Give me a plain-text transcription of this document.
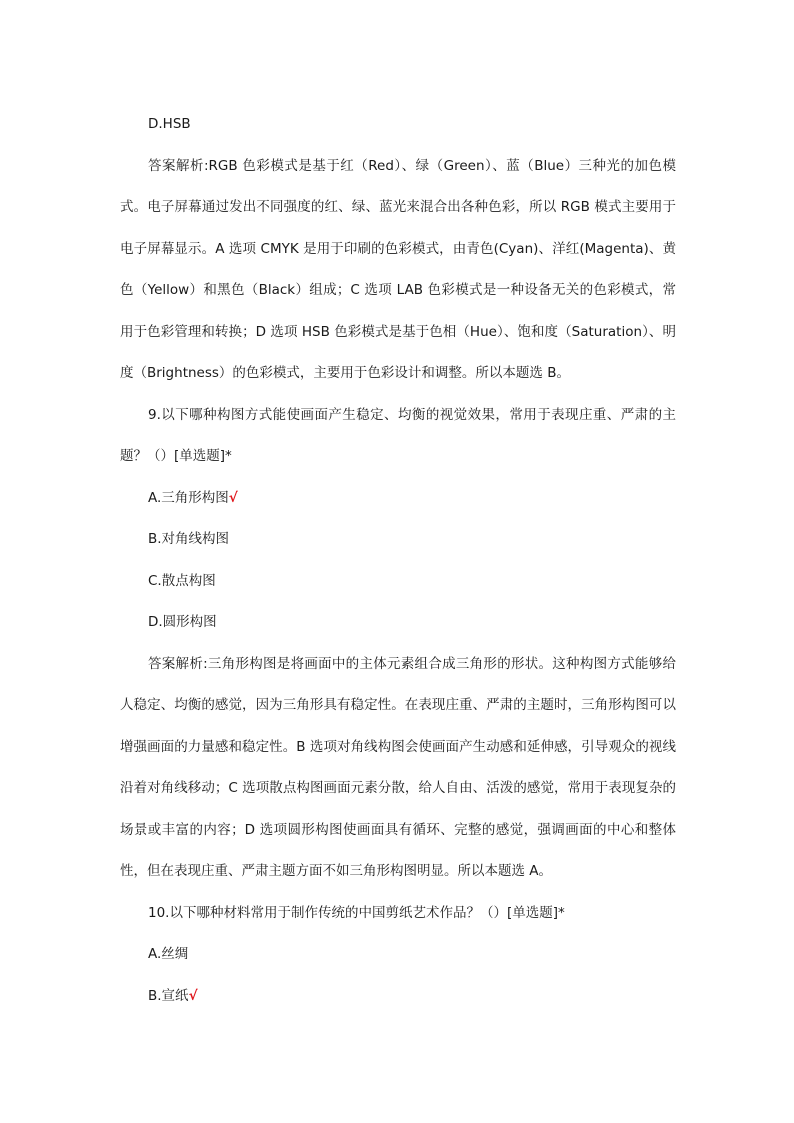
D.HSB

答案解析:RGB 色彩模式是基于红（Red）、绿（Green）、蓝（Blue）三种光的加色模式。电子屏幕通过发出不同强度的红、绿、蓝光来混合出各种色彩，所以 RGB 模式主要用于电子屏幕显示。A 选项 CMYK 是用于印刷的色彩模式，由青色(Cyan)、洋红(Magenta)、黄色（Yellow）和黑色（Black）组成；C 选项 LAB 色彩模式是一种设备无关的色彩模式，常用于色彩管理和转换；D 选项 HSB 色彩模式是基于色相（Hue）、饱和度（Saturation）、明度（Brightness）的色彩模式，主要用于色彩设计和调整。所以本题选 B。

9.以下哪种构图方式能使画面产生稳定、均衡的视觉效果，常用于表现庄重、严肃的主题？（）[单选题]*

A.三角形构图√

B.对角线构图

C.散点构图

D.圆形构图

答案解析:三角形构图是将画面中的主体元素组合成三角形的形状。这种构图方式能够给人稳定、均衡的感觉，因为三角形具有稳定性。在表现庄重、严肃的主题时，三角形构图可以增强画面的力量感和稳定性。B 选项对角线构图会使画面产生动感和延伸感，引导观众的视线沿着对角线移动；C 选项散点构图画面元素分散，给人自由、活泼的感觉，常用于表现复杂的场景或丰富的内容；D 选项圆形构图使画面具有循环、完整的感觉，强调画面的中心和整体性，但在表现庄重、严肃主题方面不如三角形构图明显。所以本题选 A。

10.以下哪种材料常用于制作传统的中国剪纸艺术作品？（）[单选题]*

A.丝绸

B.宣纸√
